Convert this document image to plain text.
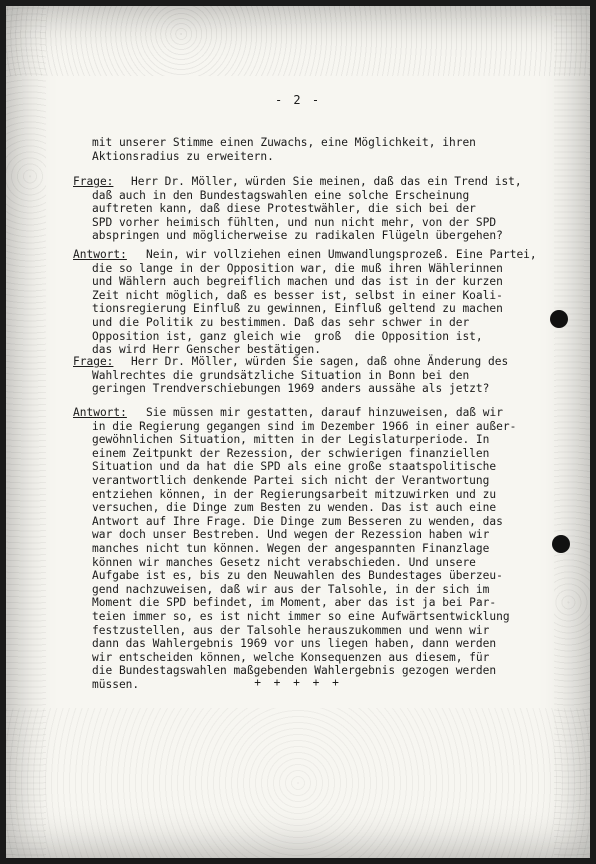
- 2 -
mit unserer Stimme einen Zuwachs, eine Möglichkeit, ihren
Aktionsradius zu erweitern.
Frage: Herr Dr. Möller, würden Sie meinen, daß das ein Trend ist,
daß auch in den Bundestagswahlen eine solche Erscheinung
auftreten kann, daß diese Protestwähler, die sich bei der
SPD vorher heimisch fühlten, und nun nicht mehr, von der SPD
abspringen und möglicherweise zu radikalen Flügeln übergehen?
Antwort: Nein, wir vollziehen einen Umwandlungsprozeß. Eine Partei,
die so lange in der Opposition war, die muß ihren Wählerinnen
und Wählern auch begreiflich machen und das ist in der kurzen
Zeit nicht möglich, daß es besser ist, selbst in einer Koali-
tionsregierung Einfluß zu gewinnen, Einfluß geltend zu machen
und die Politik zu bestimmen. Daß das sehr schwer in der
Opposition ist, ganz gleich wie  groß  die Opposition ist,
das wird Herr Genscher bestätigen.
Frage: Herr Dr. Möller, würden Sie sagen, daß ohne Änderung des
Wahlrechtes die grundsätzliche Situation in Bonn bei den
geringen Trendverschiebungen 1969 anders aussähe als jetzt?
Antwort: Sie müssen mir gestatten, darauf hinzuweisen, daß wir
in die Regierung gegangen sind im Dezember 1966 in einer außer-
gewöhnlichen Situation, mitten in der Legislaturperiode. In
einem Zeitpunkt der Rezession, der schwierigen finanziellen
Situation und da hat die SPD als eine große staatspolitische
verantwortlich denkende Partei sich nicht der Verantwortung
entziehen können, in der Regierungsarbeit mitzuwirken und zu
versuchen, die Dinge zum Besten zu wenden. Das ist auch eine
Antwort auf Ihre Frage. Die Dinge zum Besseren zu wenden, das
war doch unser Bestreben. Und wegen der Rezession haben wir
manches nicht tun können. Wegen der angespannten Finanzlage
können wir manches Gesetz nicht verabschieden. Und unsere
Aufgabe ist es, bis zu den Neuwahlen des Bundestages überzeu-
gend nachzuweisen, daß wir aus der Talsohle, in der sich im
Moment die SPD befindet, im Moment, aber das ist ja bei Par-
teien immer so, es ist nicht immer so eine Aufwärtsentwicklung
festzustellen, aus der Talsohle herauszukommen und wenn wir
dann das Wahlergebnis 1969 vor uns liegen haben, dann werden
wir entscheiden können, welche Konsequenzen aus diesem, für
die Bundestagswahlen maßgebenden Wahlergebnis gezogen werden
müssen.	+ + + + +
